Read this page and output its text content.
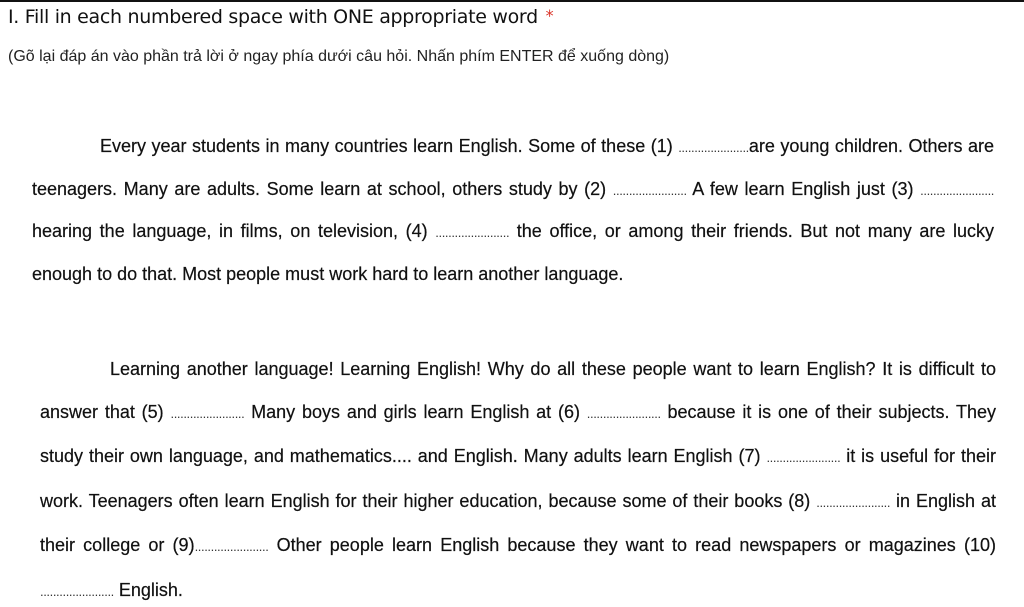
I. Fill in each numbered space with ONE appropriate word *

(Gõ lại đáp án vào phần trả lời ở ngay phía dưới câu hỏi. Nhấn phím ENTER để xuống dòng)

Every year students in many countries learn English. Some of these (1) ......................are young children. Others are teenagers. Many are adults. Some learn at school, others study by (2) ....................... A few learn English just (3) ....................... hearing the language, in films, on television, (4) ....................... the office, or among their friends. But not many are lucky enough to do that. Most people must work hard to learn another language.

Learning another language! Learning English! Why do all these people want to learn English? It is difficult to answer that (5) ....................... Many boys and girls learn English at (6) ....................... because it is one of their subjects. They study their own language, and mathematics.... and English. Many adults learn English (7) ....................... it is useful for their work. Teenagers often learn English for their higher education, because some of their books (8) ....................... in English at their college or (9)....................... Other people learn English because they want to read newspapers or magazines (10) ....................... English.
